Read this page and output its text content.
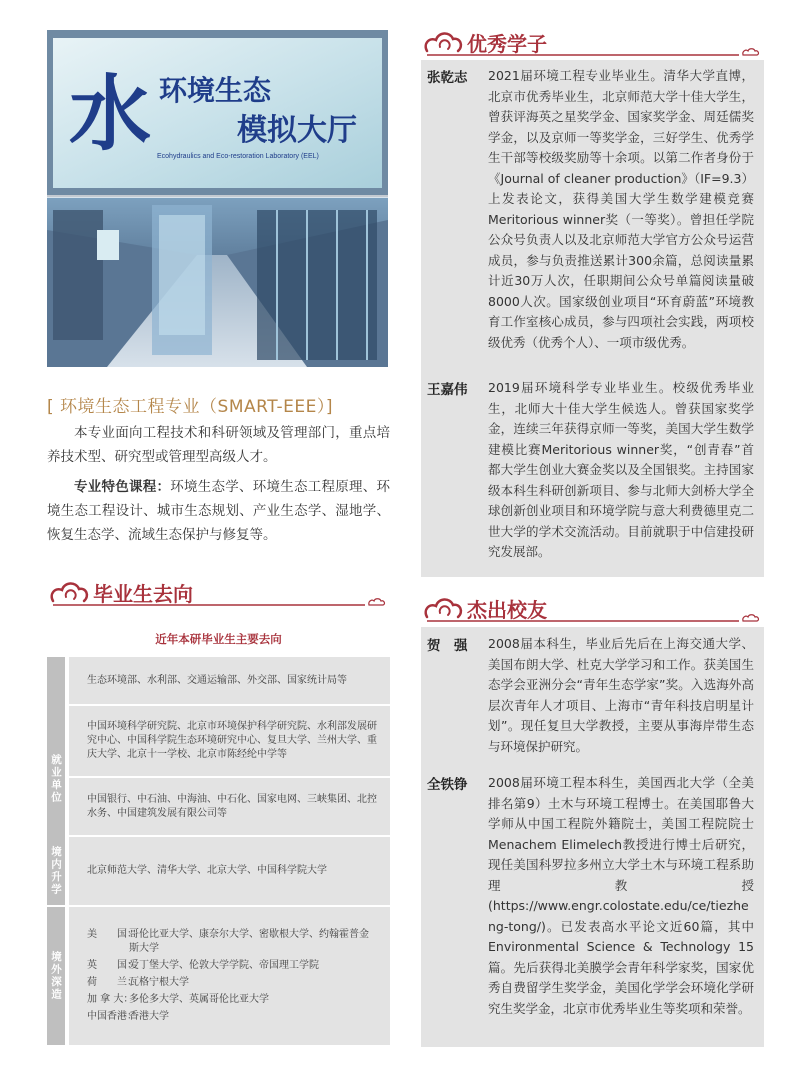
水 环境生态
模拟大厅
Ecohydraulics and Eco-restoration Laboratory (EEL)
[ 环境生态工程专业（SMART-EEE）]
本专业面向工程技术和科研领域及管理部门，重点培养技术型、研究型或管理型高级人才。
专业特色课程：环境生态学、环境生态工程原理、环境生态工程设计、城市生态规划、产业生态学、湿地学、恢复生态学、流域生态保护与修复等。
毕业生去向
近年本研毕业生主要去向
就业单位
生态环境部、水利部、交通运输部、外交部、国家统计局等
中国环境科学研究院、北京市环境保护科学研究院、水利部发展研究中心、中国科学院生态环境研究中心、复旦大学、兰州大学、重庆大学、北京十一学校、北京市陈经纶中学等
中国银行、中石油、中海油、中石化、国家电网、三峡集团、北控水务、中国建筑发展有限公司等
境内升学	北京师范大学、清华大学、北京大学、中国科学院大学
境外深造
美　　国：
哥伦比亚大学、康奈尔大学、密歇根大学、约翰霍普金斯大学
英　　国：
爱丁堡大学、伦敦大学学院、帝国理工学院
荷　　兰：
瓦格宁根大学
加 拿 大：
多伦多大学、英属哥伦比亚大学
中国香港：
香港大学
优秀学子
张乾志 2021届环境工程专业毕业生。清华大学直博，北京市优秀毕业生，北京师范大学十佳大学生，曾获评海英之星奖学金、国家奖学金、周廷儒奖学金，以及京师一等奖学金，三好学生、优秀学生干部等校级奖励等十余项。以第二作者身份于《Journal of cleaner production》（IF=9.3）上发表论文，获得美国大学生数学建模竞赛Meritorious winner奖（一等奖）。曾担任学院公众号负责人以及北京师范大学官方公众号运营成员，参与负责推送累计300余篇，总阅读量累计近30万人次，任职期间公众号单篇阅读量破8000人次。国家级创业项目“环育蔚蓝”环境教育工作室核心成员，参与四项社会实践，两项校级优秀（优秀个人）、一项市级优秀。
王嘉伟 2019届环境科学专业毕业生。校级优秀毕业生，北师大十佳大学生候选人。曾获国家奖学金，连续三年获得京师一等奖，美国大学生数学建模比赛Meritorious winner奖，“创青春”首都大学生创业大赛金奖以及全国银奖。主持国家级本科生科研创新项目、参与北师大剑桥大学全球创新创业项目和环境学院与意大利费德里克二世大学的学术交流活动。目前就职于中信建投研究发展部。
杰出校友
贺　强 2008届本科生，毕业后先后在上海交通大学、美国布朗大学、杜克大学学习和工作。获美国生态学会亚洲分会“青年生态学家”奖。入选海外高层次青年人才项目、上海市“青年科技启明星计划”。现任复旦大学教授，主要从事海岸带生态与环境保护研究。
全铁铮 2008届环境工程本科生，美国西北大学（全美排名第9）土木与环境工程博士。在美国耶鲁大学师从中国工程院外籍院士，美国工程院院士Menachem Elimelech教授进行博士后研究，现任美国科罗拉多州立大学土木与环境工程系助理教授(https://www.engr.colostate.edu/ce/tiezheng-tong/)。已发表高水平论文近60篇，其中Environmental Science & Technology 15篇。先后获得北美膜学会青年科学家奖，国家优秀自费留学生奖学金，美国化学学会环境化学研究生奖学金，北京市优秀毕业生等奖项和荣誉。
